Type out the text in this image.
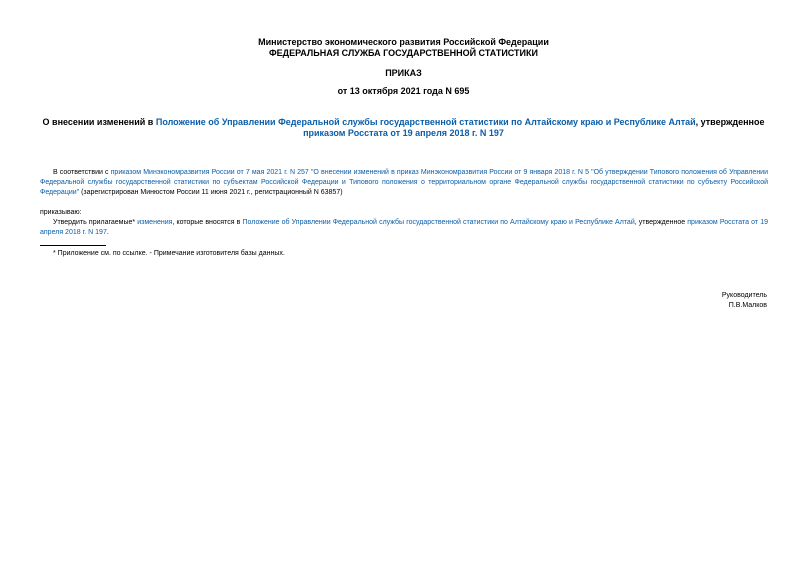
Министерство экономического развития Российской Федерации
ФЕДЕРАЛЬНАЯ СЛУЖБА ГОСУДАРСТВЕННОЙ СТАТИСТИКИ
ПРИКАЗ
от 13 октября 2021 года N 695
О внесении изменений в Положение об Управлении Федеральной службы государственной статистики по Алтайскому краю и Республике Алтай, утвержденное приказом Росстата от 19 апреля 2018 г. N 197
В соответствии с приказом Минэкономразвития России от 7 мая 2021 г. N 257 "О внесении изменений в приказ Минэкономразвития России от 9 января 2018 г. N 5 "Об утверждении Типового положения об Управлении Федеральной службы государственной статистики по субъектам Российской Федерации и Типового положения о территориальном органе Федеральной службы государственной статистики по субъекту Российской Федерации" (зарегистрирован Минюстом России 11 июня 2021 г., регистрационный N 63857)
приказываю:
Утвердить прилагаемые* изменения, которые вносятся в Положение об Управлении Федеральной службы государственной статистики по Алтайскому краю и Республике Алтай, утвержденное приказом Росстата от 19 апреля 2018 г. N 197.
* Приложение см. по ссылке. - Примечание изготовителя базы данных.
Руководитель
П.В.Малков
